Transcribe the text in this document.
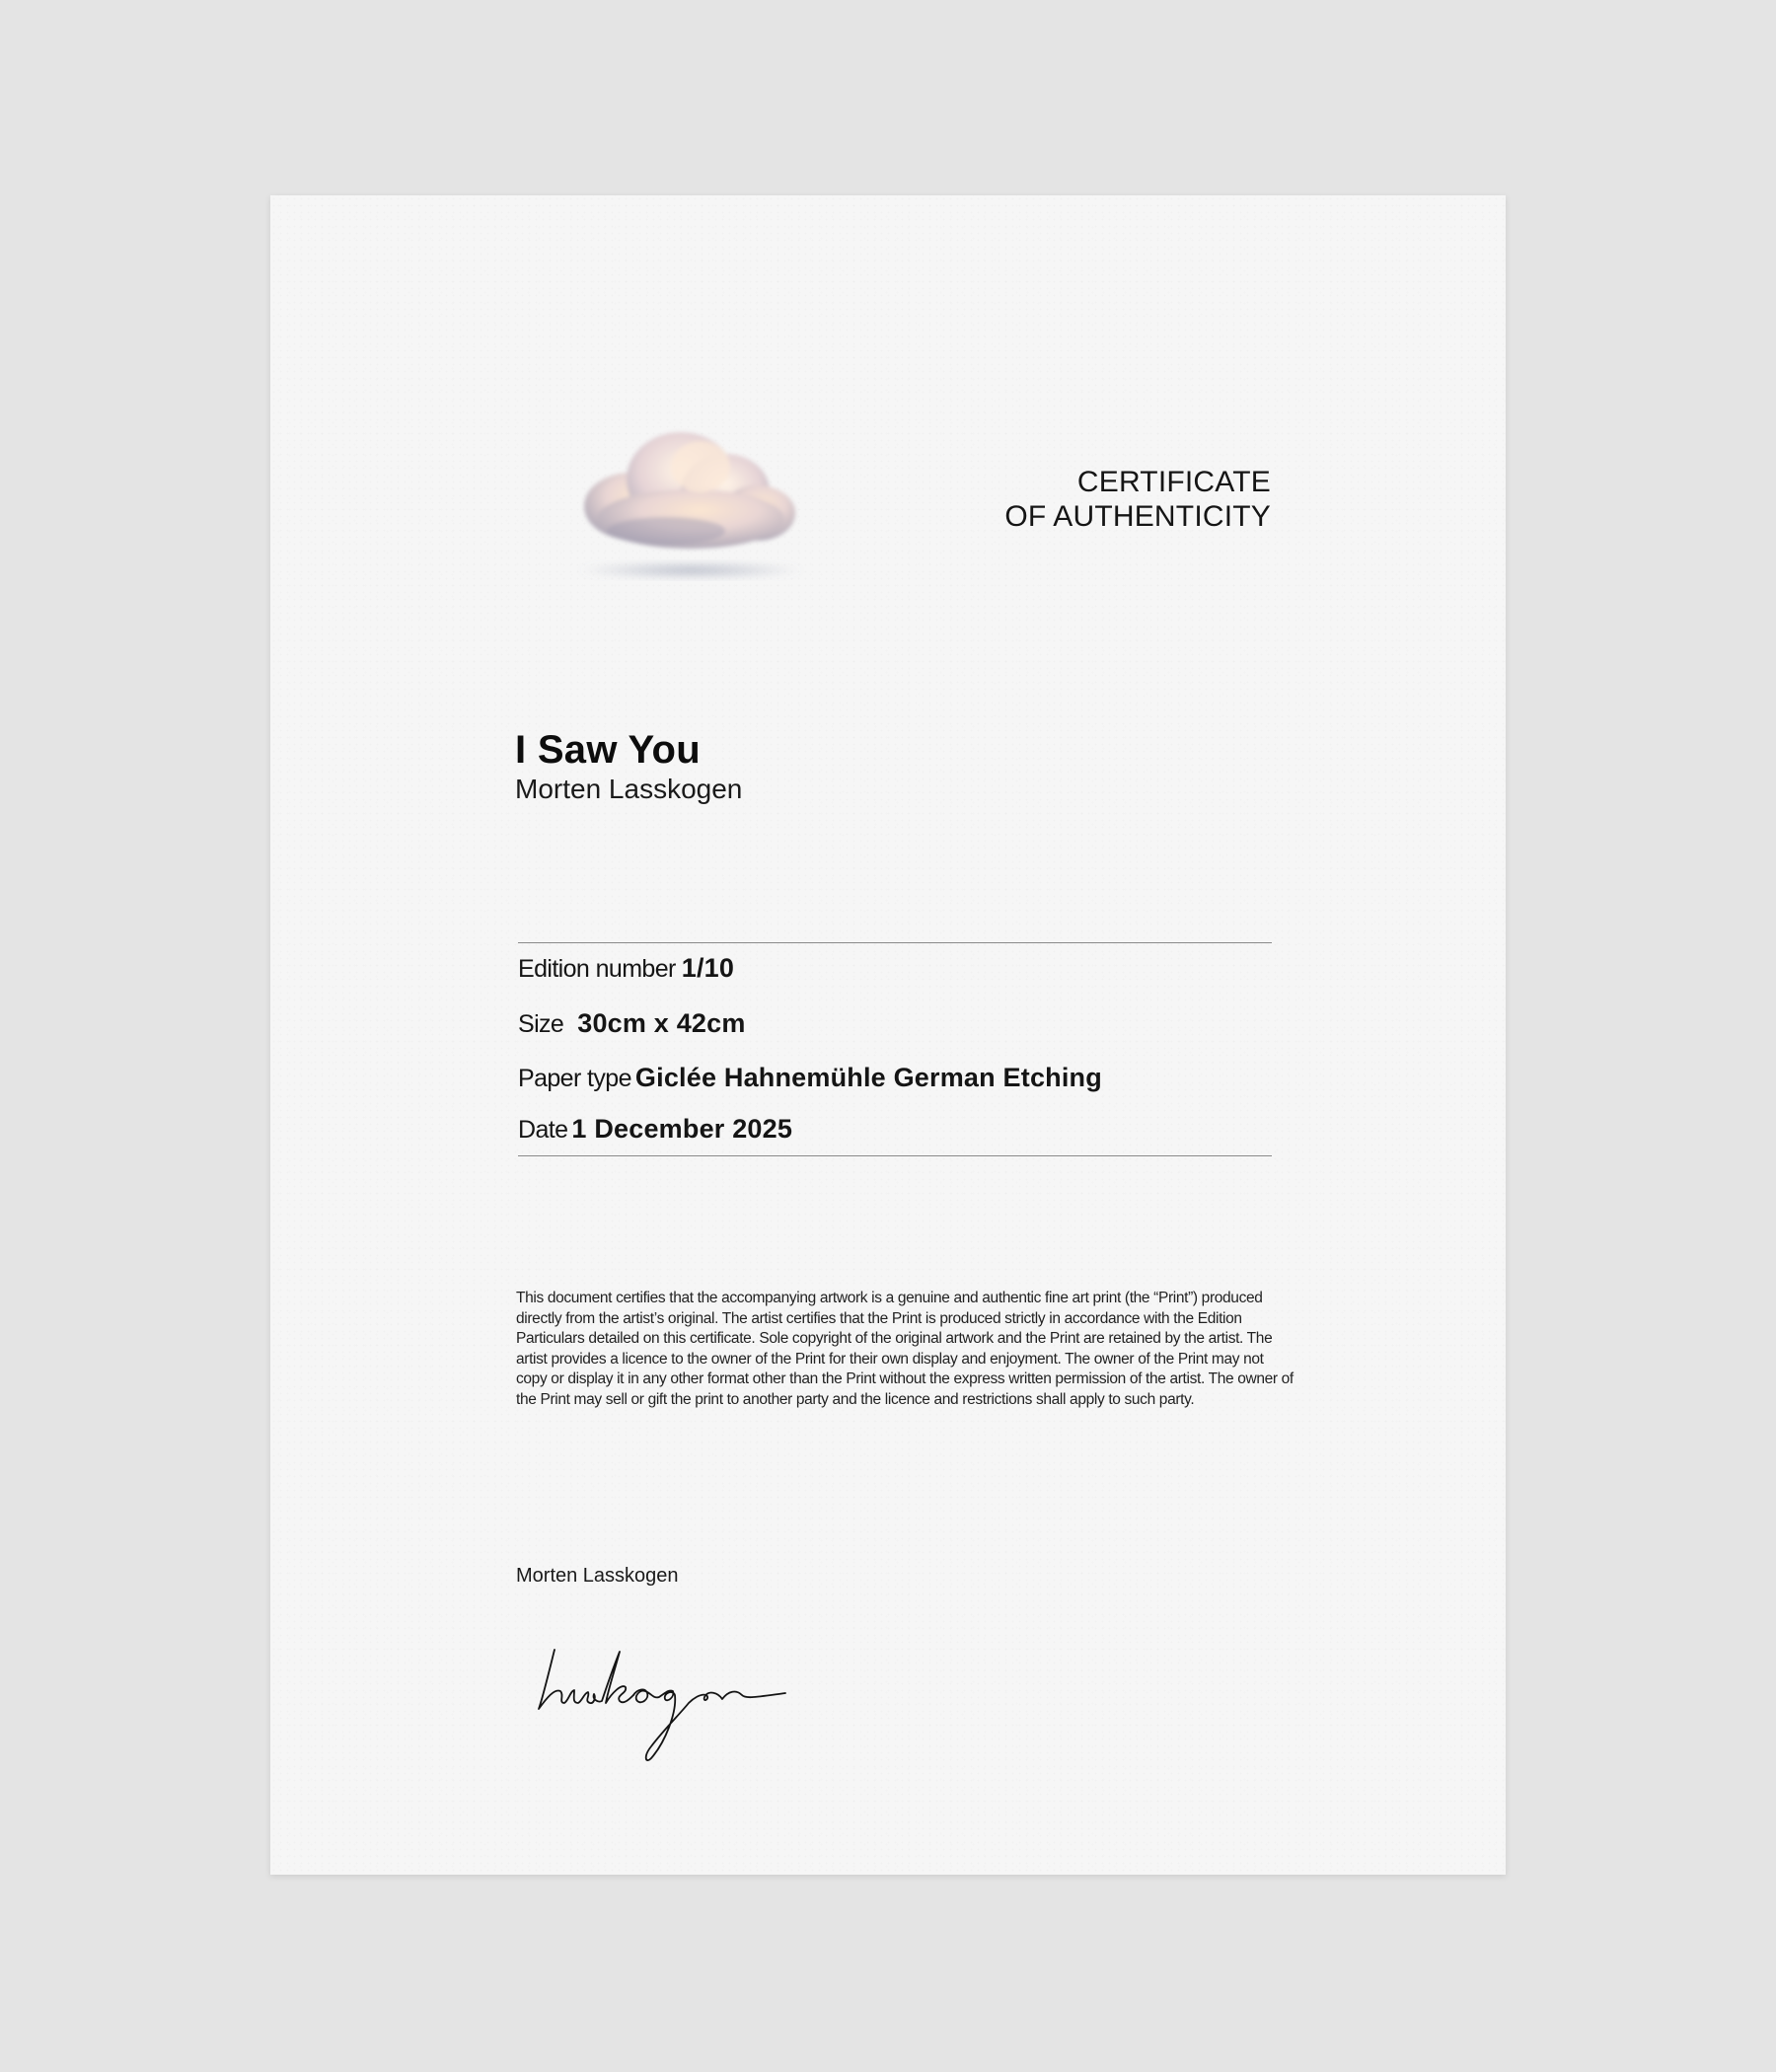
CERTIFICATE
OF AUTHENTICITY
I Saw You
Morten Lasskogen
Edition number 1/10
Size 30cm x 42cm
Paper type Giclée Hahnemühle German Etching
Date 1 December 2025
This document certifies that the accompanying artwork is a genuine and authentic fine art print (the “Print”) produced directly from the artist’s original. The artist certifies that the Print is produced strictly in accordance with the Edition Particulars detailed on this certificate. Sole copyright of the original artwork and the Print are retained by the artist. The artist provides a licence to the owner of the Print for their own display and enjoyment. The owner of the Print may not copy or display it in any other format other than the Print without the express written permission of the artist. The owner of the Print may sell or gift the print to another party and the licence and restrictions shall apply to such party.
Morten Lasskogen
